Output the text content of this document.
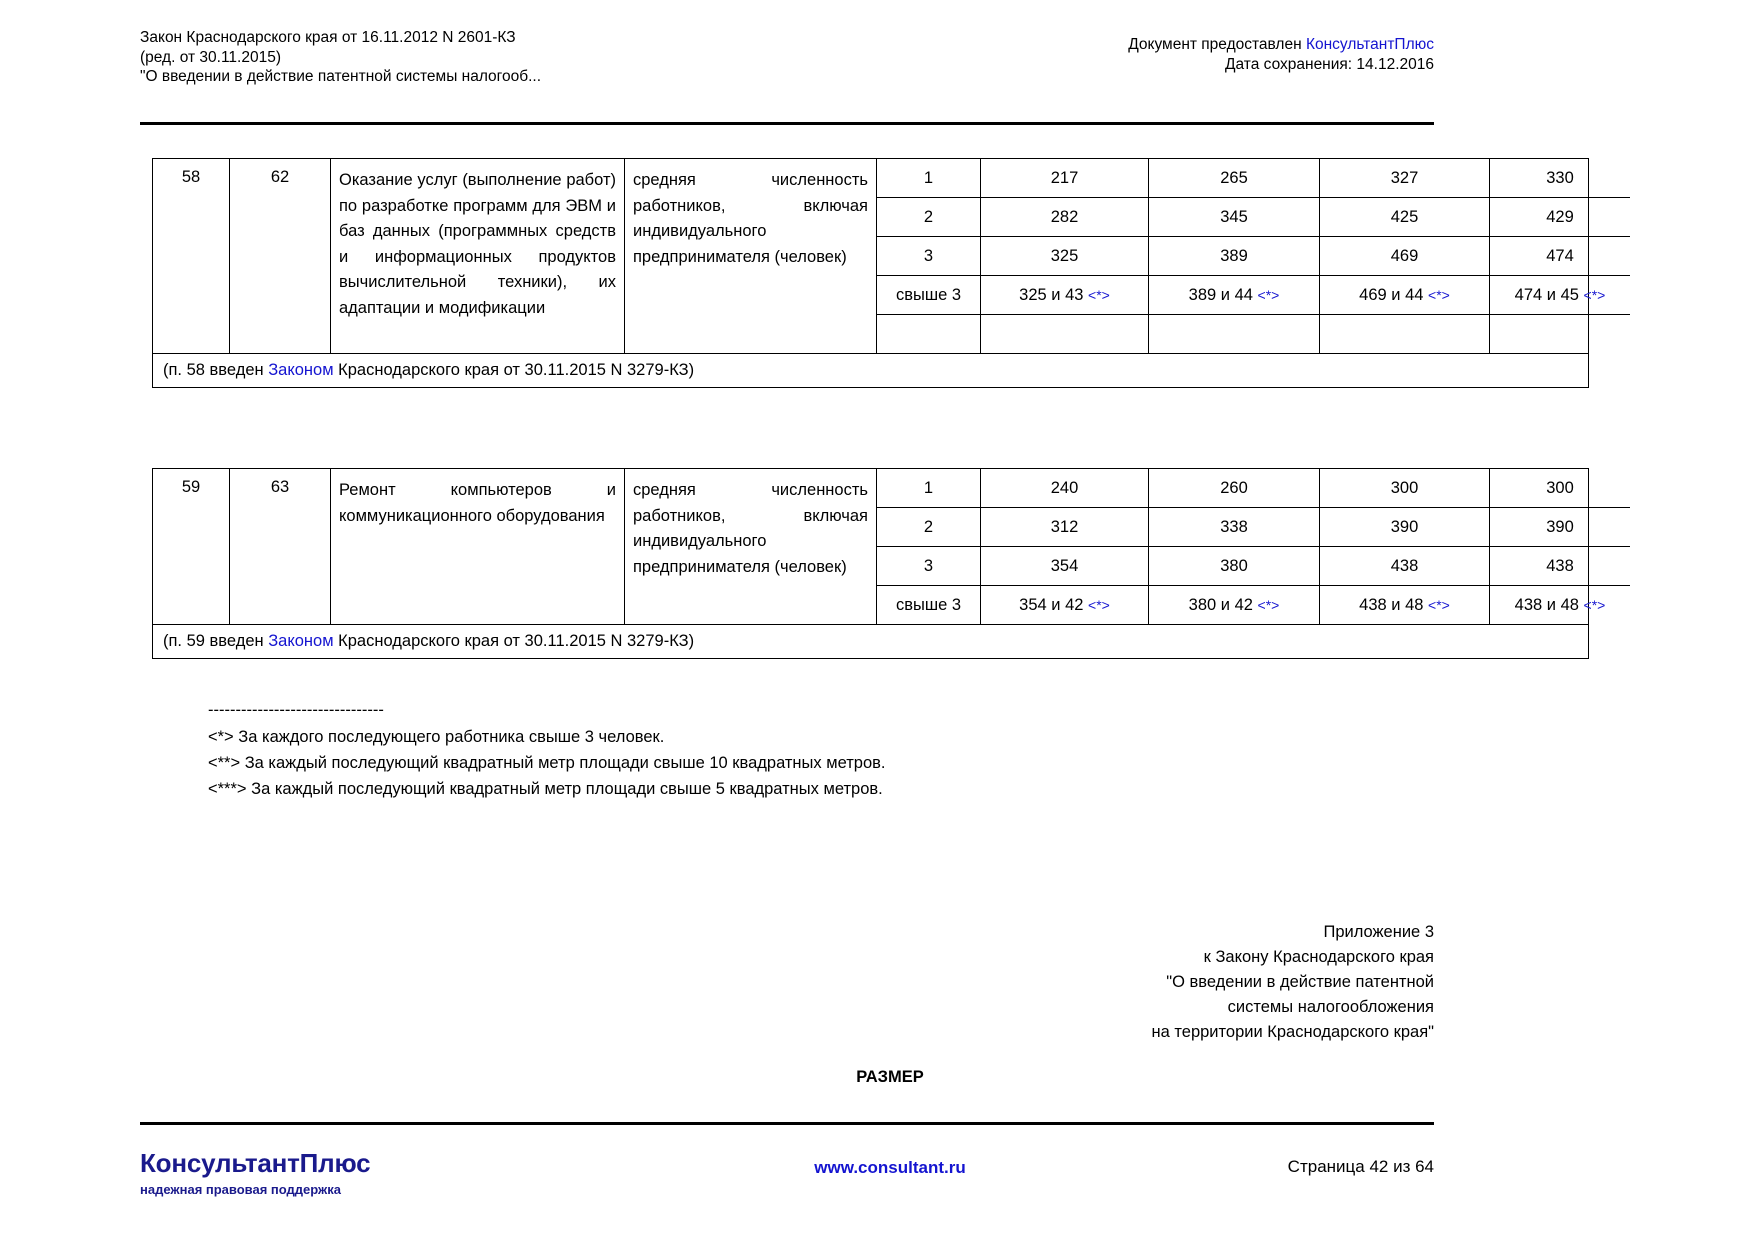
Закон Краснодарского края от 16.11.2012 N 2601-КЗ
(ред. от 30.11.2015)
"О введении в действие патентной системы налогооб...
Документ предоставлен КонсультантПлюс
Дата сохранения: 14.12.2016
58	62	Оказание услуг (выполнение работ) по разработке программ для ЭВМ и баз данных (программных средств и информационных продуктов вычислительной техники), их адаптации и модификации	средняя численность работников, включая индивидуального предпринимателя (человек)	
1	217	265	327	330
2	282	345	425	429
3	325	389	469	474
свыше 3	325 и 43 <*>	389 и 44 <*>	469 и 44 <*>	474 и 45 <*>

(п. 58 введен Законом Краснодарского края от 30.11.2015 N 3279-КЗ)
59	63	Ремонт компьютеров и коммуникационного оборудования	средняя численность работников, включая индивидуального предпринимателя (человек)	
1	240	260	300	300
2	312	338	390	390
3	354	380	438	438
свыше 3	354 и 42 <*>	380 и 42 <*>	438 и 48 <*>	438 и 48 <*>

(п. 59 введен Законом Краснодарского края от 30.11.2015 N 3279-КЗ)
--------------------------------
<*> За каждого последующего работника свыше 3 человек.
<**> За каждый последующий квадратный метр площади свыше 10 квадратных метров.
<***> За каждый последующий квадратный метр площади свыше 5 квадратных метров.
Приложение 3
к Закону Краснодарского края
"О введении в действие патентной
системы налогообложения
на территории Краснодарского края"
РАЗМЕР
КонсультантПлюс
надежная правовая поддержка
www.consultant.ru	Страница 42 из 64
